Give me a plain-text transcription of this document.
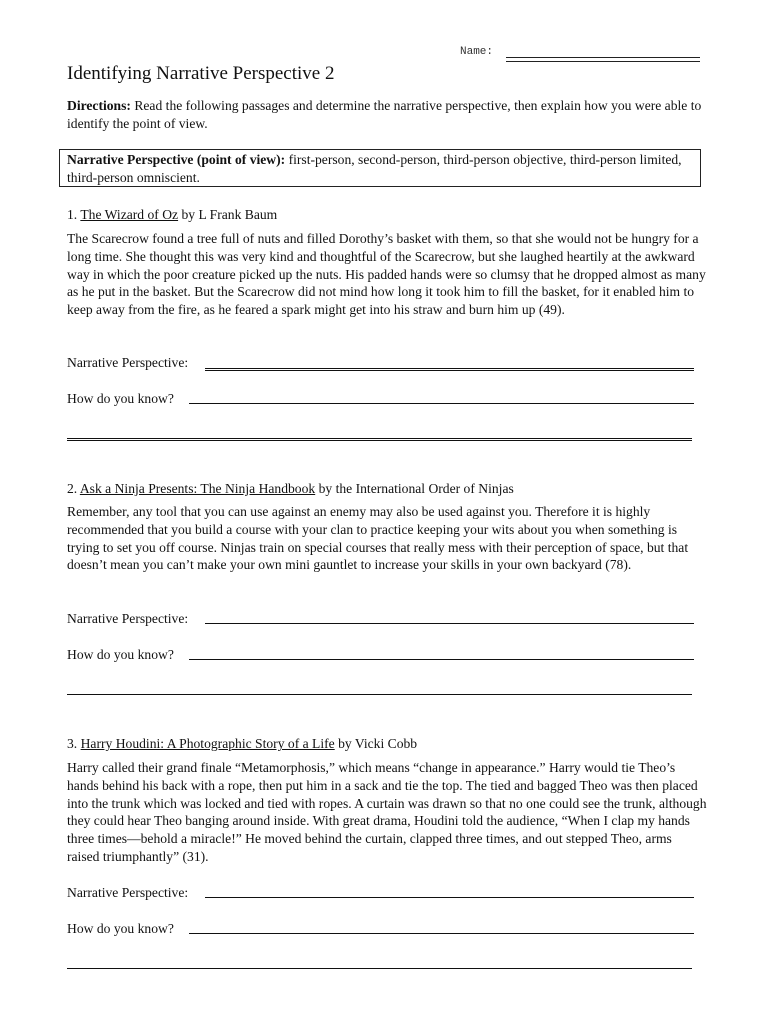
Name:
Identifying Narrative Perspective 2
Directions: Read the following passages and determine the narrative perspective, then explain how you were able to identify the point of view.
Narrative Perspective (point of view): first-person, second-person, third-person objective, third-person limited, third-person omniscient.
1. The Wizard of Oz by L Frank Baum
The Scarecrow found a tree full of nuts and filled Dorothy’s basket with them, so that she would not be hungry for a long time. She thought this was very kind and thoughtful of the Scarecrow, but she laughed heartily at the awkward way in which the poor creature picked up the nuts. His padded hands were so clumsy that he dropped almost as many as he put in the basket. But the Scarecrow did not mind how long it took him to fill the basket, for it enabled him to keep away from the fire, as he feared a spark might get into his straw and burn him up (49).
Narrative Perspective:
How do you know?
2. Ask a Ninja Presents: The Ninja Handbook by the International Order of Ninjas
Remember, any tool that you can use against an enemy may also be used against you. Therefore it is highly recommended that you build a course with your clan to practice keeping your wits about you when something is trying to set you off course. Ninjas train on special courses that really mess with their perception of space, but that doesn’t mean you can’t make your own mini gauntlet to increase your skills in your own backyard (78).
Narrative Perspective:
How do you know?
3. Harry Houdini: A Photographic Story of a Life by Vicki Cobb
Harry called their grand finale “Metamorphosis,” which means “change in appearance.” Harry would tie Theo’s hands behind his back with a rope, then put him in a sack and tie the top. The tied and bagged Theo was then placed into the trunk which was locked and tied with ropes. A curtain was drawn so that no one could see the trunk, although they could hear Theo banging around inside. With great drama, Houdini told the audience, “When I clap my hands three times—behold a miracle!” He moved behind the curtain, clapped three times, and out stepped Theo, arms raised triumphantly” (31).
Narrative Perspective:
How do you know?
